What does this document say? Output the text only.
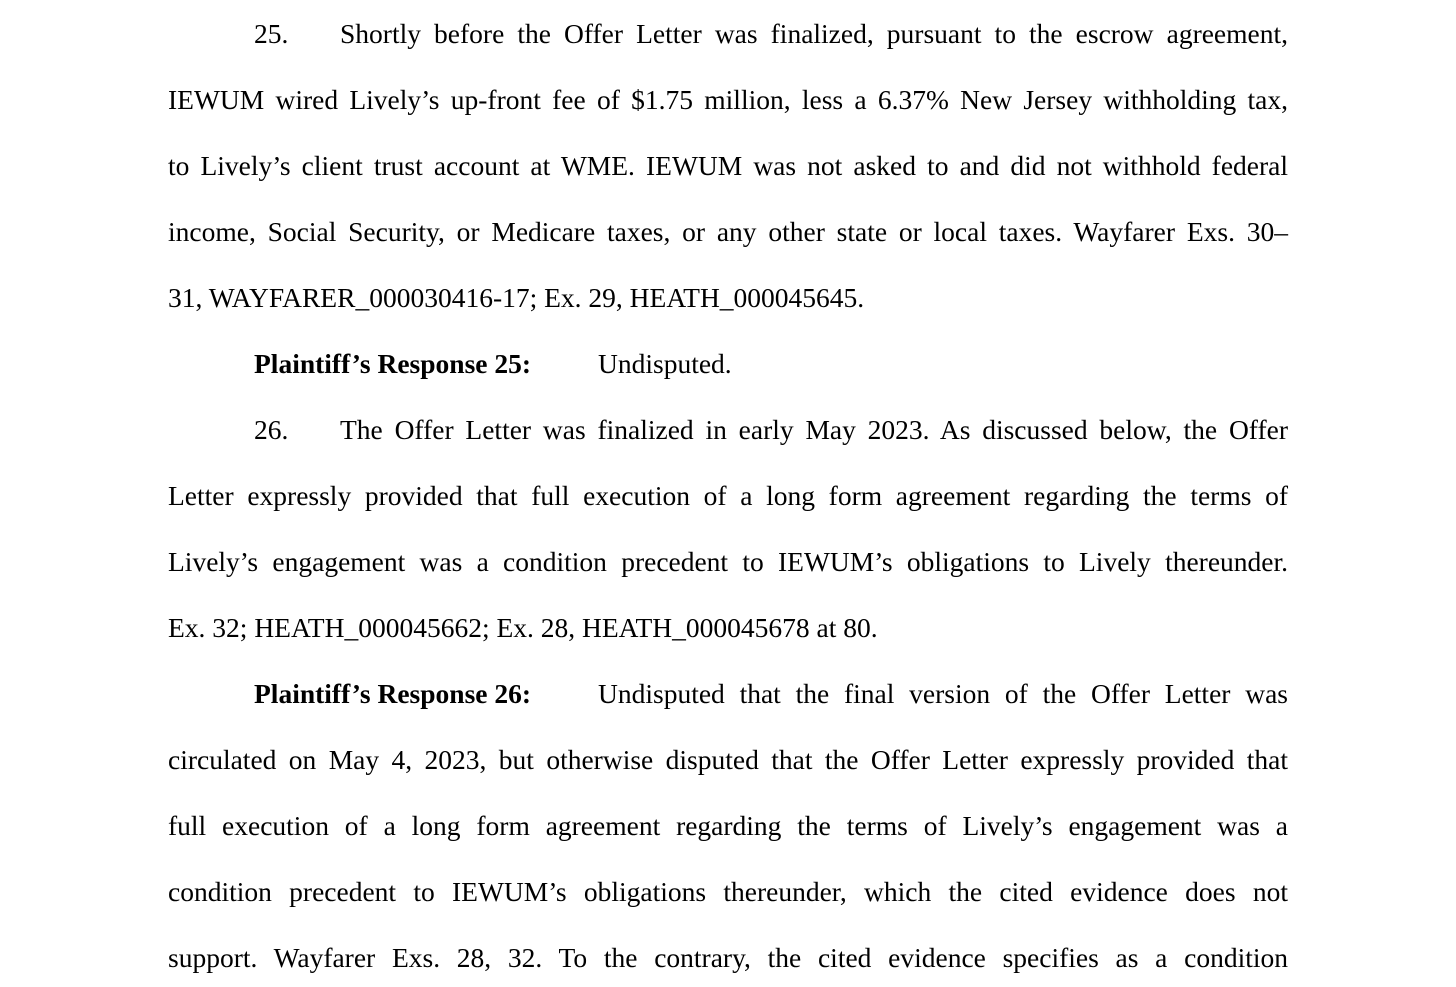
25. Shortly before the Offer Letter was finalized, pursuant to the escrow agreement,
IEWUM wired Lively’s up-front fee of $1.75 million, less a 6.37% New Jersey withholding tax,
to Lively’s client trust account at WME. IEWUM was not asked to and did not withhold federal
income, Social Security, or Medicare taxes, or any other state or local taxes. Wayfarer Exs. 30–
31, WAYFARER_000030416-17; Ex. 29, HEATH_000045645.
Plaintiff’s Response 25: Undisputed.
26. The Offer Letter was finalized in early May 2023. As discussed below, the Offer
Letter expressly provided that full execution of a long form agreement regarding the terms of
Lively’s engagement was a condition precedent to IEWUM’s obligations to Lively thereunder.
Ex. 32; HEATH_000045662; Ex. 28, HEATH_000045678 at 80.
Plaintiff’s Response 26: Undisputed that the final version of the Offer Letter was
circulated on May 4, 2023, but otherwise disputed that the Offer Letter expressly provided that
full execution of a long form agreement regarding the terms of Lively’s engagement was a
condition precedent to IEWUM’s obligations thereunder, which the cited evidence does not
support. Wayfarer Exs. 28, 32. To the contrary, the cited evidence specifies as a condition
